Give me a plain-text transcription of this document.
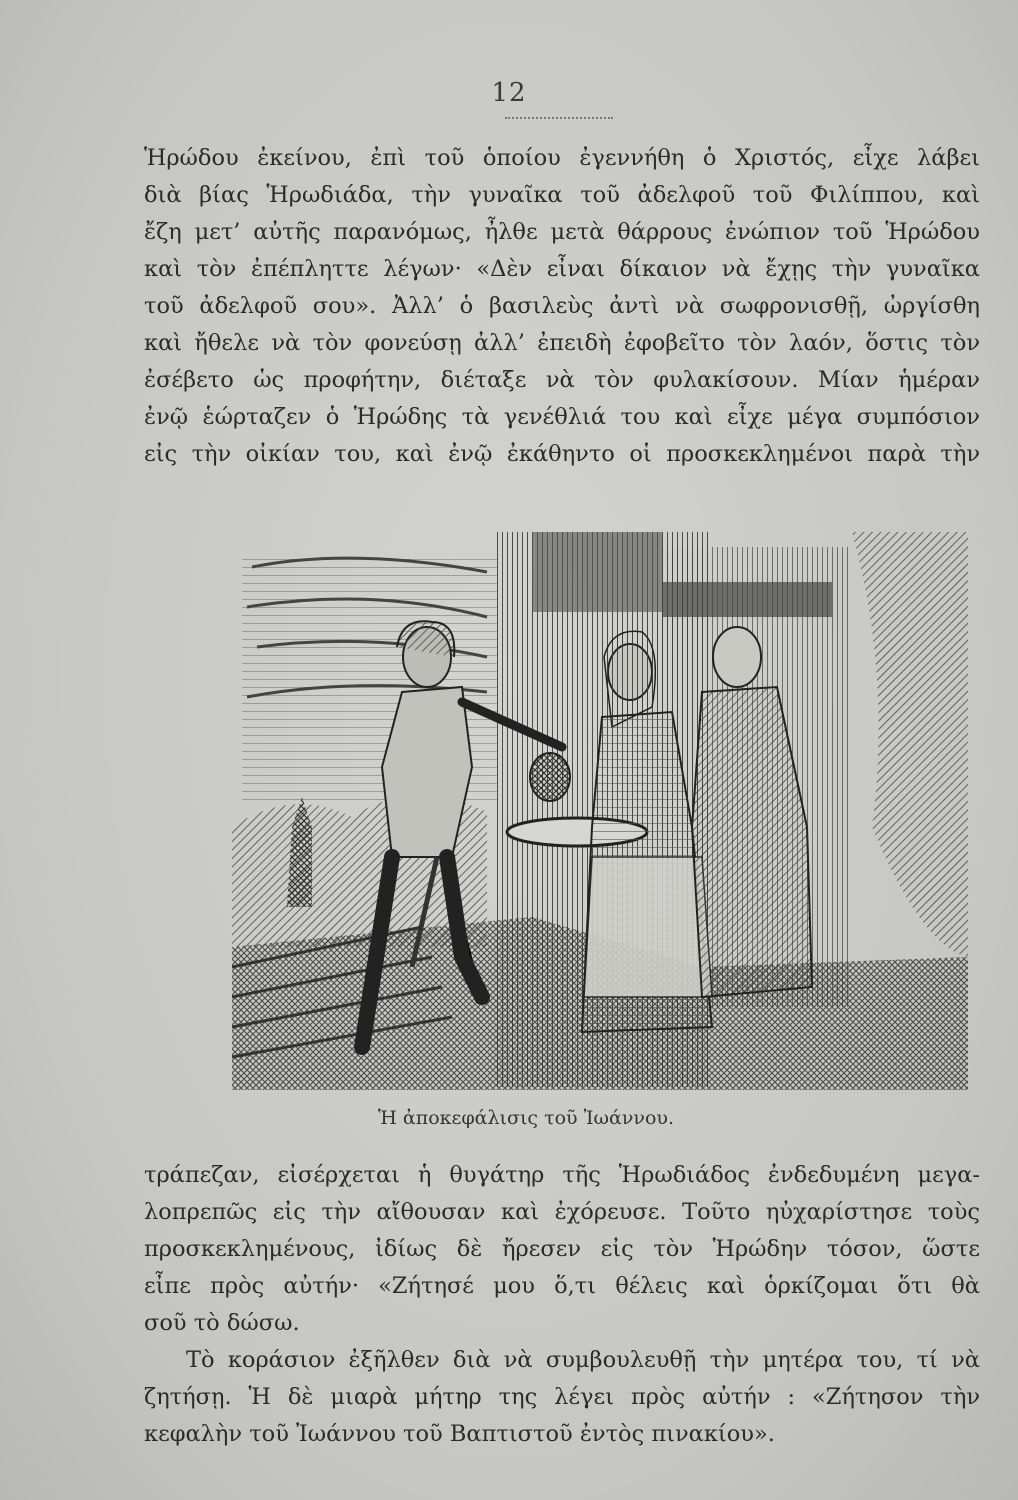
12
Ἡρώδου ἐκείνου, ἐπὶ τοῦ ὁποίου ἐγεννήθη ὁ Χριστός, εἶχε λάβει
διὰ βίας Ἡρωδιάδα, τὴν γυναῖκα τοῦ ἀδελφοῦ τοῦ Φιλίππου, καὶ
ἔζη μετ’ αὐτῆς παρανόμως, ἦλθε μετὰ θάρρους ἐνώπιον τοῦ Ἡρώδου
καὶ τὸν ἐπέπληττε λέγων· «Δὲν εἶναι δίκαιον νὰ ἔχῃς τὴν γυναῖκα
τοῦ ἀδελφοῦ σου». Ἀλλ’ ὁ βασιλεὺς ἀντὶ νὰ σωφρονισθῇ, ὠργίσθη
καὶ ἤθελε νὰ τὸν φονεύσῃ ἀλλ’ ἐπειδὴ ἐφοβεῖτο τὸν λαόν, ὅστις τὸν
ἐσέβετο ὡς προφήτην, διέταξε νὰ τὸν φυλακίσουν. Μίαν ἡμέραν
ἐνῷ ἑώρταζεν ὁ Ἡρώδης τὰ γενέθλιά του καὶ εἶχε μέγα συμπόσιον
εἰς τὴν οἰκίαν του, καὶ ἐνῷ ἐκάθηντο οἱ προσκεκλημένοι παρὰ τὴν
Ἡ ἀποκεφάλισις τοῦ Ἰωάννου.
τράπεζαν, εἰσέρχεται ἡ θυγάτηρ τῆς Ἡρωδιάδος ἐνδεδυμένη μεγα-
λοπρεπῶς εἰς τὴν αἴθουσαν καὶ ἐχόρευσε. Τοῦτο ηὐχαρίστησε τοὺς
προσκεκλημένους, ἰδίως δὲ ἤρεσεν εἰς τὸν Ἡρώδην τόσον, ὥστε
εἶπε πρὸς αὐτήν· «Ζήτησέ μου ὅ,τι θέλεις καὶ ὁρκίζομαι ὅτι θὰ
σοῦ τὸ δώσω.
Τὸ κοράσιον ἐξῆλθεν διὰ νὰ συμβουλευθῇ τὴν μητέρα του, τί νὰ
ζητήσῃ. Ἡ δὲ μιαρὰ μήτηρ της λέγει πρὸς αὐτήν : «Ζήτησον τὴν
κεφαλὴν τοῦ Ἰωάννου τοῦ Βαπτιστοῦ ἐντὸς πινακίου».
